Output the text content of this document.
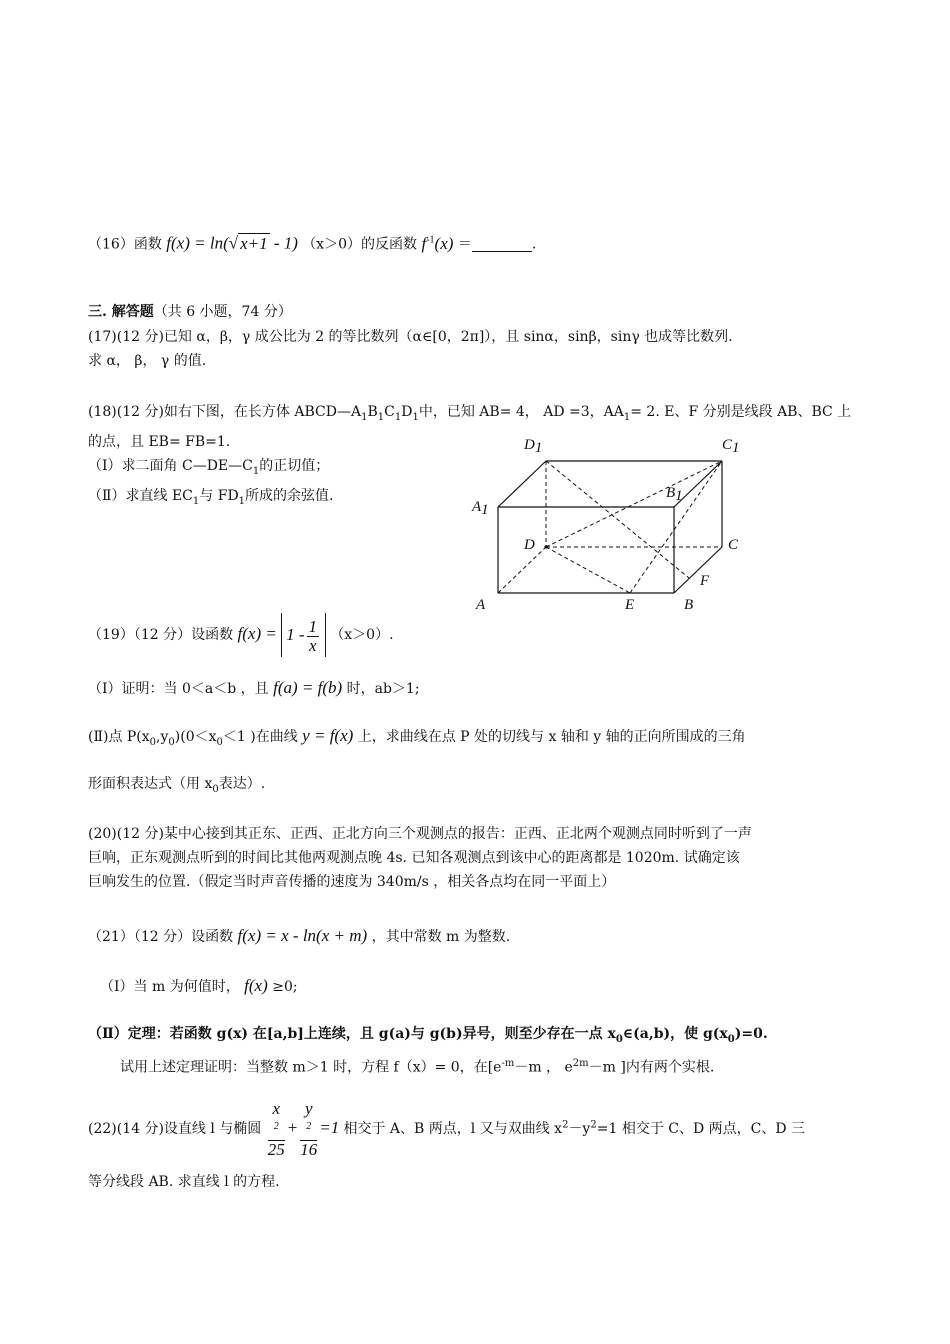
（16）函数 f(x) = ln(√ x+1 - 1) （x＞0）的反函数 $f^{-1}(x)$ ＝	.
三. 解答题（共 6 小题，74 分）
(17)(12 分)已知 α，β，γ 成公比为 2 的等比数列（α∈[0，2π]），且 sinα，sinβ，sinγ 也成等比数列.
求 α， β， γ 的值.
(18)(12 分)如右下图，在长方体 $ABCD—A_1B_1C_1D_1$中，已知 AB= 4， AD =3，$AA_1= 2$. E、F 分别是线段 AB、BC 上
的点，且 EB= FB=1.
（Ⅰ）求二面角 $C—DE—C_1$的正切值；
（Ⅱ）求直线 $EC_1$与 $FD_1$所成的余弦值.
D1	C1
B1
A1
D	C
F
A	E	B
（19）（12 分）设函数 $f(x) = 1 - \frac{1}{x} (x>0)$.
（Ⅰ）证明：当 0＜a＜b ，且 f(a) = f(b) 时，ab＞1;
(Ⅱ)点 $P(x_0,y_0)(0<x_0<1$ )在曲线 y = f(x) 上，求曲线在点 P 处的切线与 x 轴和 y 轴的正向所围成的三角
形面积表达式（用 $x_0$表达）.
(20)(12 分)某中心接到其正东、正西、正北方向三个观测点的报告：正西、正北两个观测点同时听到了一声
巨响，正东观测点听到的时间比其他两观测点晚 4s. 已知各观测点到该中心的距离都是 1020m. 试确定该
巨响发生的位置.（假定当时声音传播的速度为 340m/s ，相关各点均在同一平面上）
（21）（12 分）设函数 f(x) = x - ln(x + m) ，其中常数 m 为整数.
（Ⅰ）当 m 为何值时， f(x) ≥0;
（Ⅱ）定理：若函数 g(x) 在[a,b]上连续，且 g(a)与 g(b)异号，则至少存在一点 $x_0\in(a,b)$，使 $g(x_0)=0$.
试用上述定理证明：当整数 m＞1 时，方程 f（x）= 0，在[$e^{-m}-m$ ， $e^{2m}-m$ ]内有两个实根.
(22)(14 分)设直线 l 与椭圆 x
$^2$
25 + y
$^2$
16 =1 相交于 A、B 两点，l 又与双曲线 $x^2-y^2=1$ 相交于 C、D 两点，C、D 三
等分线段 AB. 求直线 l 的方程.
